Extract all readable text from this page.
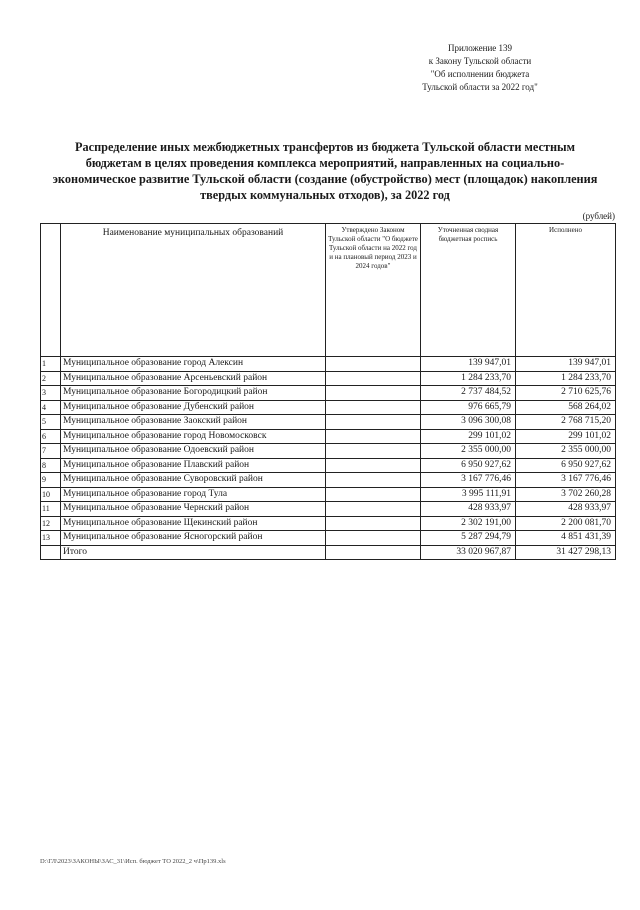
Приложение 139
к Закону Тульской области
"Об исполнении бюджета
Тульской области за 2022 год"
Распределение иных межбюджетных трансфертов из бюджета Тульской области местным
бюджетам в целях проведения комплекса мероприятий, направленных на социально-
экономическое развитие Тульской области (создание (обустройство) мест (площадок) накопления
твердых коммунальных отходов), за 2022 год
(рублей)
	Наименование муниципальных образований	Утверждено Законом Тульской области "О бюджете Тульской области на 2022 год и на плановый период 2023 и 2024 годов"	Уточненная сводная бюджетная роспись	Исполнено
1	Муниципальное образование город Алексин		139 947,01	139 947,01
2	Муниципальное образование Арсеньевский район		1 284 233,70	1 284 233,70
3	Муниципальное образование Богородицкий район		2 737 484,52	2 710 625,76
4	Муниципальное образование Дубенский район		976 665,79	568 264,02
5	Муниципальное образование Заокский район		3 096 300,08	2 768 715,20
6	Муниципальное образование город Новомосковск		299 101,02	299 101,02
7	Муниципальное образование Одоевский район		2 355 000,00	2 355 000,00
8	Муниципальное образование Плавский район		6 950 927,62	6 950 927,62
9	Муниципальное образование Суворовский район		3 167 776,46	3 167 776,46
10	Муниципальное образование город Тула		3 995 111,91	3 702 260,28
11	Муниципальное образование Чернский район		428 933,97	428 933,97
12	Муниципальное образование Щекинский район		2 302 191,00	2 200 081,70
13	Муниципальное образование Ясногорский район		5 287 294,79	4 851 431,39
	Итого		33 020 967,87	31 427 298,13
D:\ГЛ\2023\ЗАКОНЫ\ЗАС_31\Исп. бюджет ТО 2022_2 ч\Пр139.xls
